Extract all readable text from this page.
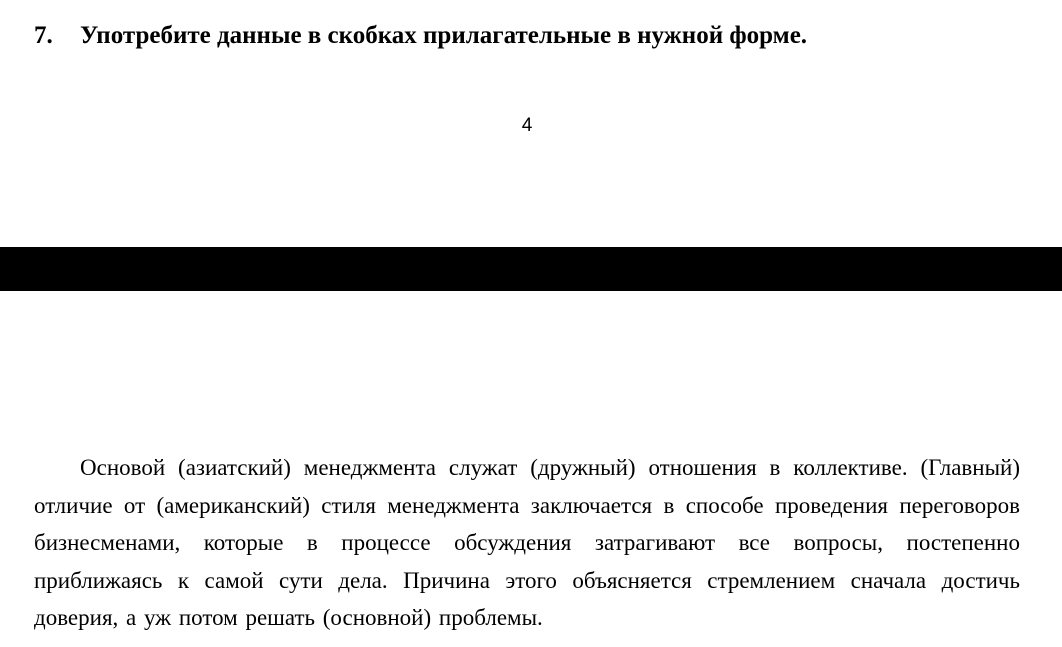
7. Употребите данные в скобках прилагательные в нужной форме.
4

Основой (азиатский) менеджмента служат (дружный) отношения в коллективе. (Главный) отличие от (американский) стиля менеджмента заключается в способе проведения переговоров бизнесменами, которые в процессе обсуждения затрагивают все вопросы, постепенно приближаясь к самой сути дела. Причина этого объясняется стремлением сначала достичь доверия, а уж потом решать (основной) проблемы.
